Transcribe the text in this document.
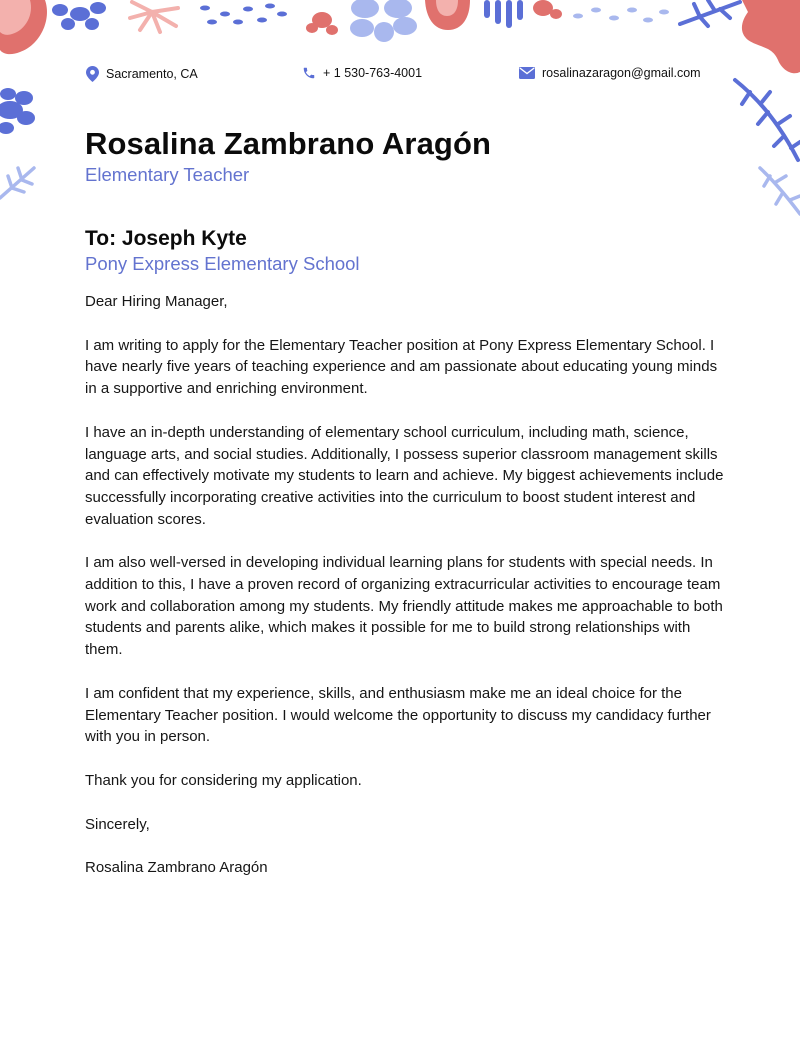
Sacramento, CA	+ 1 530-763-4001	rosalinazaragon@gmail.com
Rosalina Zambrano Aragón
Elementary Teacher
To: Joseph Kyte
Pony Express Elementary School

Dear Hiring Manager,

I am writing to apply for the Elementary Teacher position at Pony Express Elementary School. I have nearly five years of teaching experience and am passionate about educating young minds in a supportive and enriching environment.

I have an in-depth understanding of elementary school curriculum, including math, science, language arts, and social studies. Additionally, I possess superior classroom management skills and can effectively motivate my students to learn and achieve. My biggest achievements include successfully incorporating creative activities into the curriculum to boost student interest and evaluation scores.

I am also well-versed in developing individual learning plans for students with special needs. In addition to this, I have a proven record of organizing extracurricular activities to encourage team work and collaboration among my students. My friendly attitude makes me approachable to both students and parents alike, which makes it possible for me to build strong relationships with them.

I am confident that my experience, skills, and enthusiasm make me an ideal choice for the Elementary Teacher position. I would welcome the opportunity to discuss my candidacy further with you in person.

Thank you for considering my application.

Sincerely,

Rosalina Zambrano Aragón
